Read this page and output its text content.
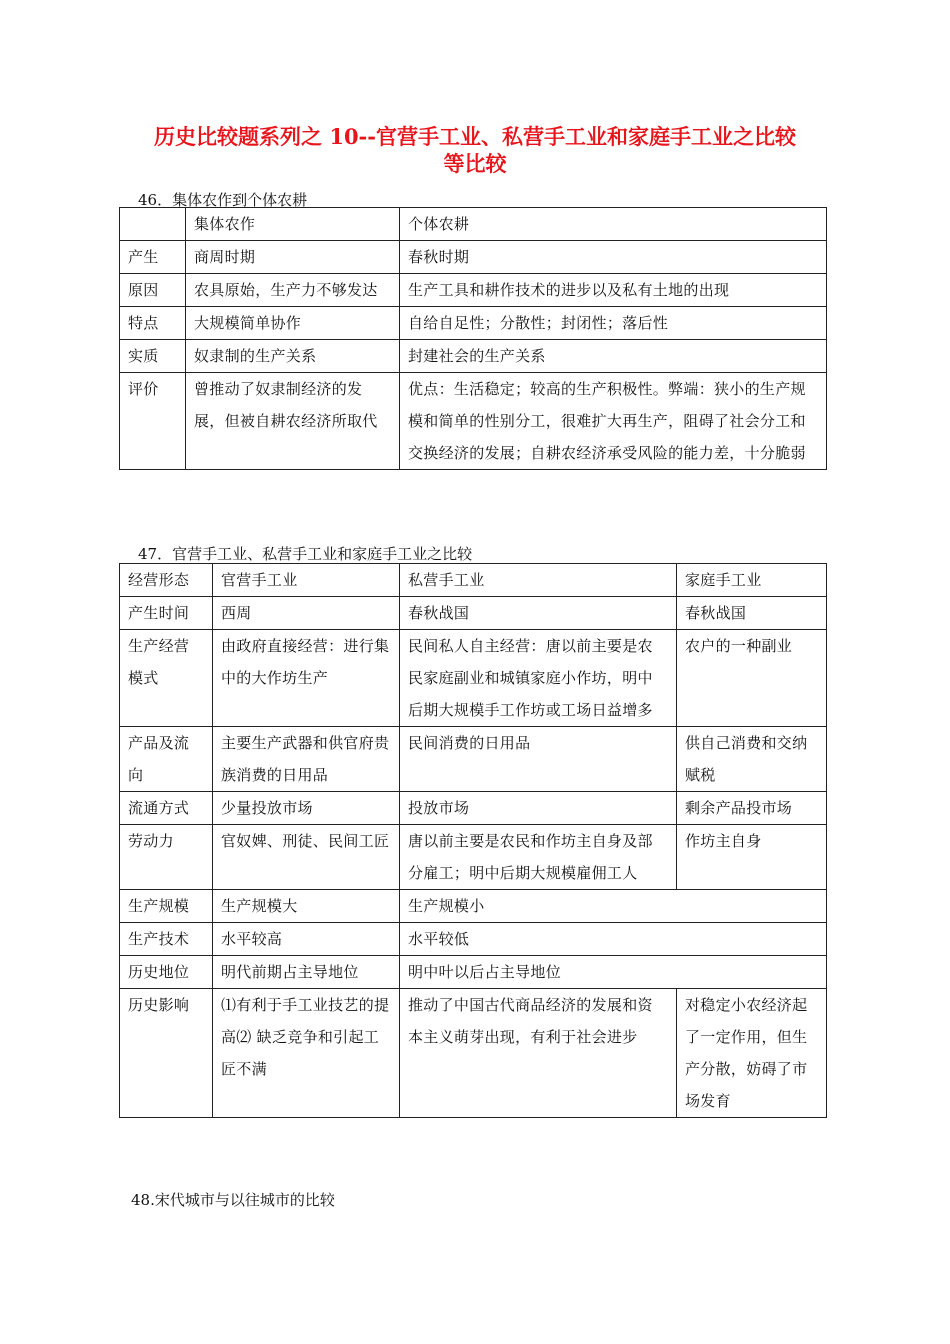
历史比较题系列之 10--官营手工业、私营手工业和家庭手工业之比较
等比较
46．集体农作到个体农耕
	集体农作	个体农耕
产生	商周时期	春秋时期
原因	农具原始，生产力不够发达	生产工具和耕作技术的进步以及私有土地的出现
特点	大规模简单协作	自给自足性；分散性；封闭性；落后性
实质	奴隶制的生产关系	封建社会的生产关系
评价	曾推动了奴隶制经济的发展，但被自耕农经济所取代	优点：生活稳定；较高的生产积极性。弊端：狭小的生产规模和简单的性别分工，很难扩大再生产，阻碍了社会分工和交换经济的发展；自耕农经济承受风险的能力差，十分脆弱
47．官营手工业、私营手工业和家庭手工业之比较
经营形态	官营手工业	私营手工业	家庭手工业
产生时间	西周	春秋战国	春秋战国
生产经营模式	由政府直接经营：进行集中的大作坊生产	民间私人自主经营：唐以前主要是农民家庭副业和城镇家庭小作坊，明中后期大规模手工作坊或工场日益增多	农户的一种副业
产品及流向	主要生产武器和供官府贵族消费的日用品	民间消费的日用品	供自己消费和交纳赋税
流通方式	少量投放市场	投放市场	剩余产品投市场
劳动力	官奴婢、刑徒、民间工匠	唐以前主要是农民和作坊主自身及部分雇工；明中后期大规模雇佣工人	作坊主自身
生产规模	生产规模大	生产规模小	
生产技术	水平较高	水平较低	
历史地位	明代前期占主导地位	明中叶以后占主导地位	
历史影响	⑴有利于手工业技艺的提高⑵ 缺乏竞争和引起工匠不满	推动了中国古代商品经济的发展和资本主义萌芽出现，有利于社会进步	对稳定小农经济起了一定作用，但生产分散，妨碍了市场发育
48.宋代城市与以往城市的比较
